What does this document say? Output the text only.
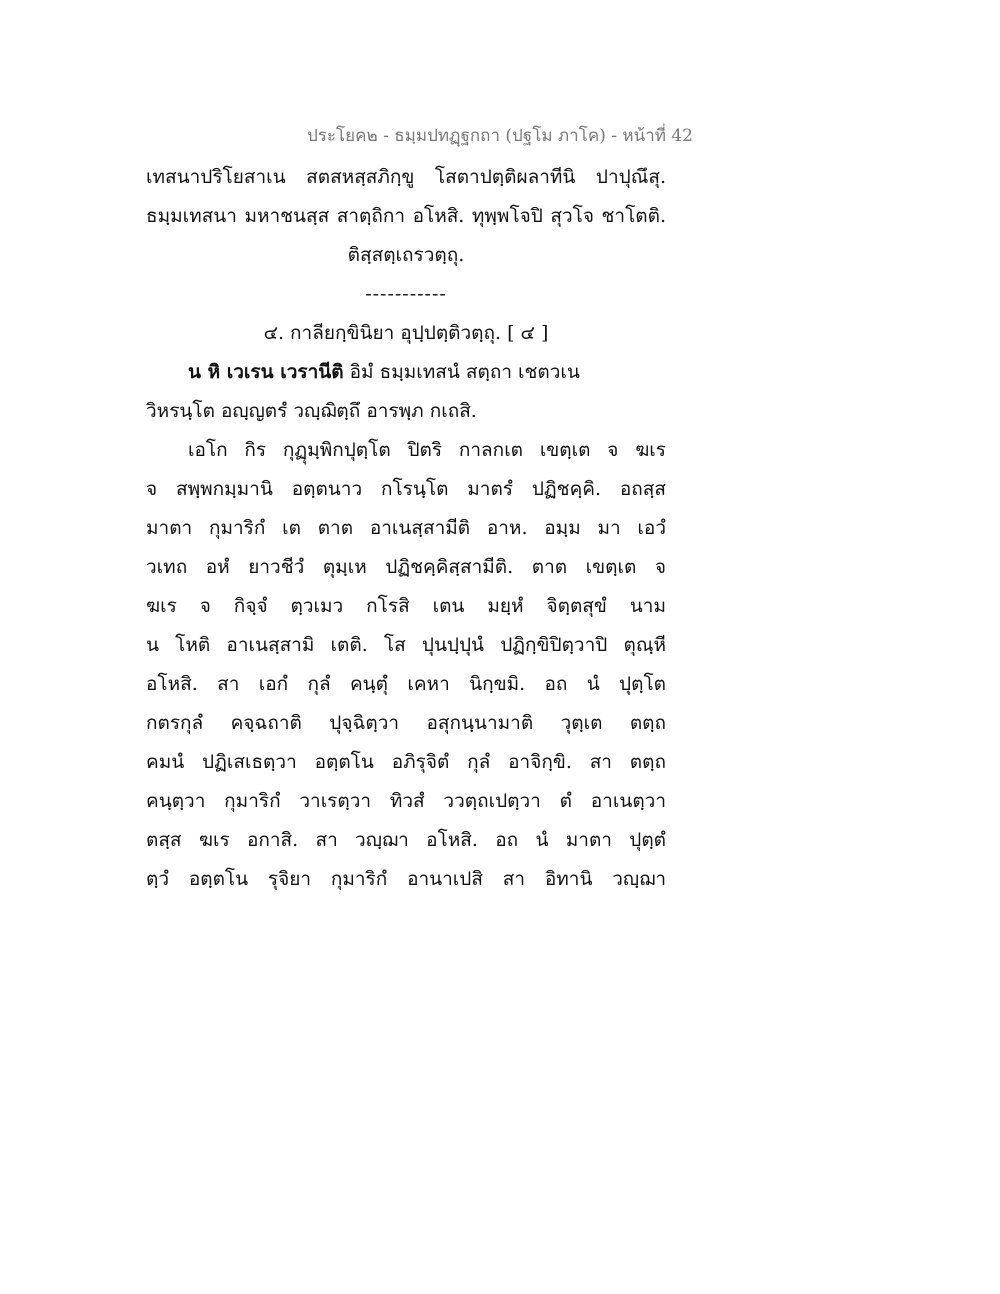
ประโยค๒ - ธมฺมปทฏฺฐกถา (ปฐโม ภาโค) - หน้าที่ 42
เทสนาปริโยสาเน สตสหสฺสภิกฺขู โสตาปตฺติผลาทีนิ ปาปุณึสุ.
ธมฺมเทสนา มหาชนสฺส สาตฺถิกา อโหสิ. ทุพฺพโจปิ สุวโจ ชาโตติ.
ติสฺสตฺเถรวตฺถุ.
-----------
๔. กาลียกฺขินิยา อุปฺปตฺติวตฺถุ. [ ๔ ]
น หิ เวเรน เวรานีติ อิมํ ธมฺมเทสนํ สตฺถา เชตวเน
วิหรนฺโต อญฺญตรํ วญฺฌิตฺถึ อารพฺภ กเถสิ.
เอโก กิร กุฏุมฺพิกปุตฺโต ปิตริ กาลกเต เขตฺเต จ ฆเร
จ สพฺพกมฺมานิ อตฺตนาว กโรนฺโต มาตรํ ปฏิชคฺคิ. อถสฺส
มาตา กุมาริกํ เต ตาต อาเนสฺสามีติ อาห. อมฺม มา เอวํ
วเทถ อหํ ยาวชีวํ ตุมฺเห ปฏิชคฺคิสฺสามีติ. ตาต เขตฺเต จ
ฆเร จ กิจฺจํ ตฺวเมว กโรสิ เตน มยฺหํ จิตฺตสุขํ นาม
น โหติ อาเนสฺสามิ เตติ. โส ปุนปฺปุนํ ปฏิกฺขิปิตฺวาปิ ตุณฺหี
อโหสิ. สา เอกํ กุลํ คนฺตุํ เคหา นิกฺขมิ. อถ นํ ปุตฺโต
กตรกุลํ คจฺฉถาติ ปุจฺฉิตฺวา อสุกนฺนามาติ วุตฺเต ตตฺถ
คมนํ ปฏิเสเธตฺวา อตฺตโน อภิรุจิตํ กุลํ อาจิกฺขิ. สา ตตฺถ
คนฺตฺวา กุมาริกํ วาเรตฺวา ทิวสํ ววตฺถเปตฺวา ตํ อาเนตฺวา
ตสฺส ฆเร อกาสิ. สา วญฺฌา อโหสิ. อถ นํ มาตา ปุตฺตํ
ตฺวํ อตฺตโน รุจิยา กุมาริกํ อานาเปสิ สา อิทานิ วญฺฌา
